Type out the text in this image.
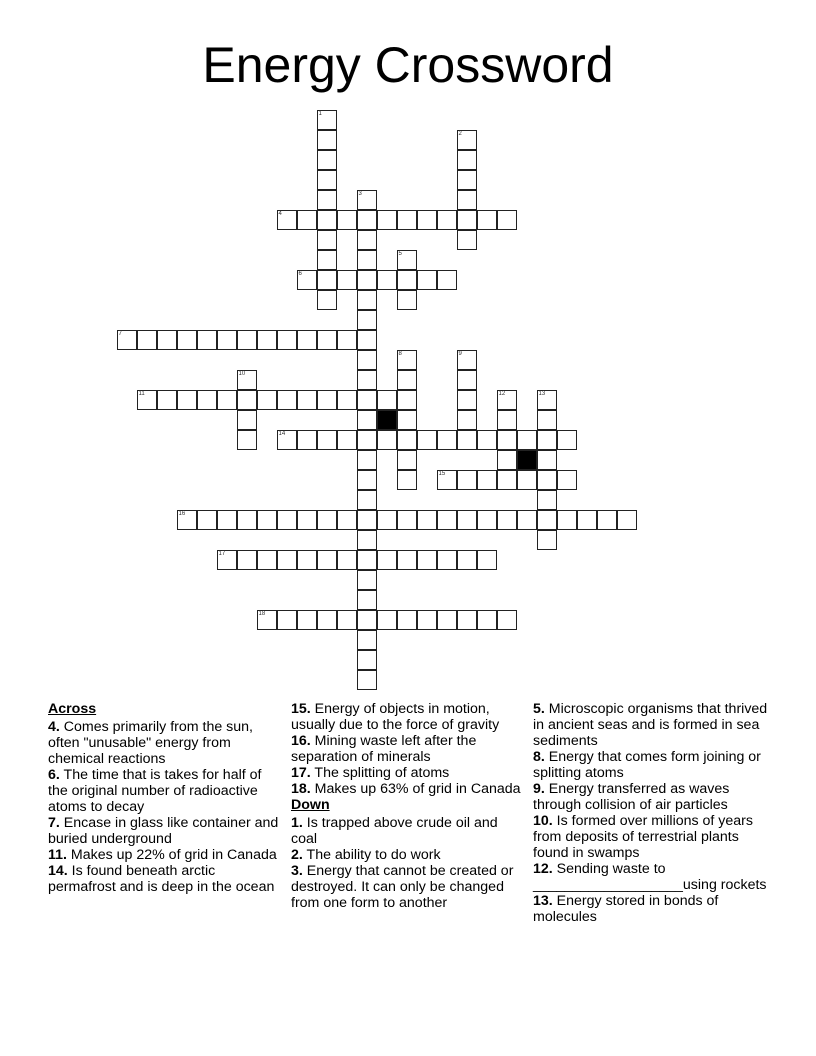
Energy Crossword
1
2
3
4
5
6
7
8	9
10
11	12	13
14
15
16
17
18
Across

4. Comes primarily from the sun, often "unusable" energy from chemical reactions

6. The time that is takes for half of the original number of radioactive atoms to decay

7. Encase in glass like container and buried underground

11. Makes up 22% of grid in Canada

14. Is found beneath arctic permafrost and is deep in the ocean

15. Energy of objects in motion, usually due to the force of gravity

16. Mining waste left after the separation of minerals

17. The splitting of atoms

18. Makes up 63% of grid in Canada

Down

1. Is trapped above crude oil and coal

2. The ability to do work

3. Energy that cannot be created or destroyed. It can only be changed from one form to another

5. Microscopic organisms that thrived in ancient seas and is formed in sea sediments

8. Energy that comes form joining or splitting atoms

9. Energy transferred as waves through collision of air particles

10. Is formed over millions of years from deposits of terrestrial plants found in swamps

12. Sending waste to ___________________using rockets

13. Energy stored in bonds of molecules
